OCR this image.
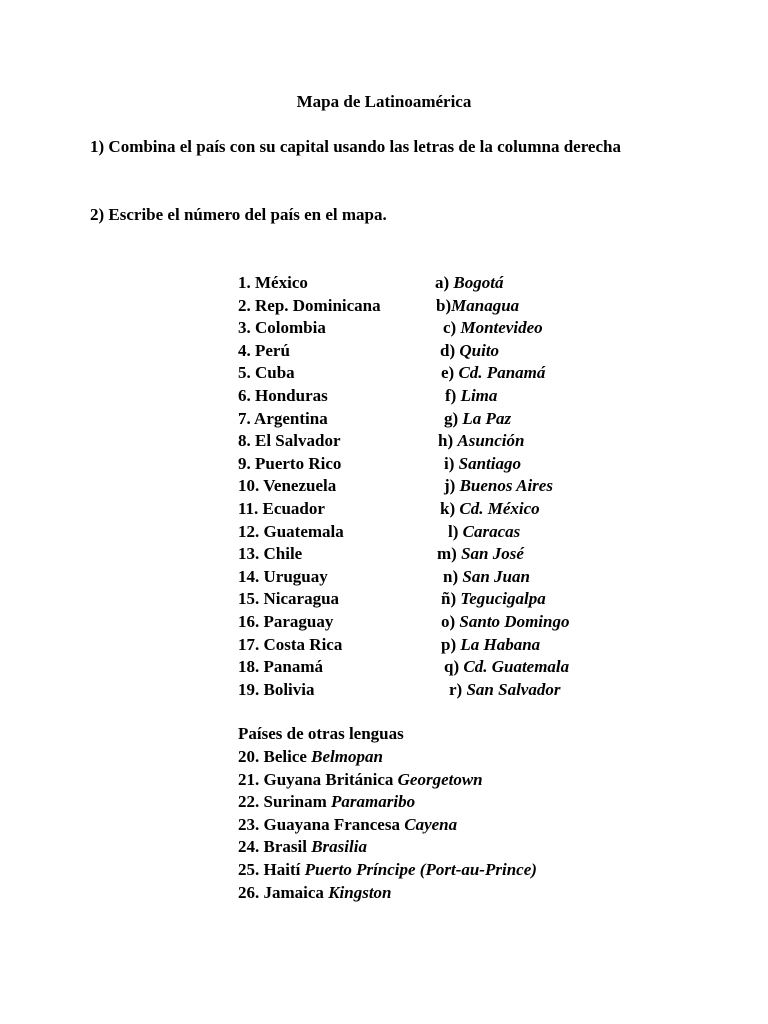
Mapa de Latinoamérica
1) Combina el país con su capital usando las letras de la columna derecha
2) Escribe el número del país en el mapa.
1. México	a) Bogotá
2. Rep. Dominicana	b)Managua
3. Colombia	c) Montevideo
4. Perú	d) Quito
5. Cuba	e) Cd. Panamá
6. Honduras	f) Lima
7. Argentina	g) La Paz
8. El Salvador	h) Asunción
9. Puerto Rico	i) Santiago
10. Venezuela	j) Buenos Aires
11. Ecuador	k) Cd. México
12. Guatemala	l) Caracas
13. Chile	m) San José
14. Uruguay	n) San Juan
15. Nicaragua	ñ) Tegucigalpa
16. Paraguay	o) Santo Domingo
17. Costa Rica	p) La Habana
18. Panamá	q) Cd. Guatemala
19. Bolivia	r) San Salvador
Países de otras lenguas
20. Belice Belmopan
21. Guyana Británica Georgetown
22. Surinam Paramaribo
23. Guayana Francesa Cayena
24. Brasil Brasilia
25. Haití Puerto Príncipe (Port-au-Prince)
26. Jamaica Kingston
